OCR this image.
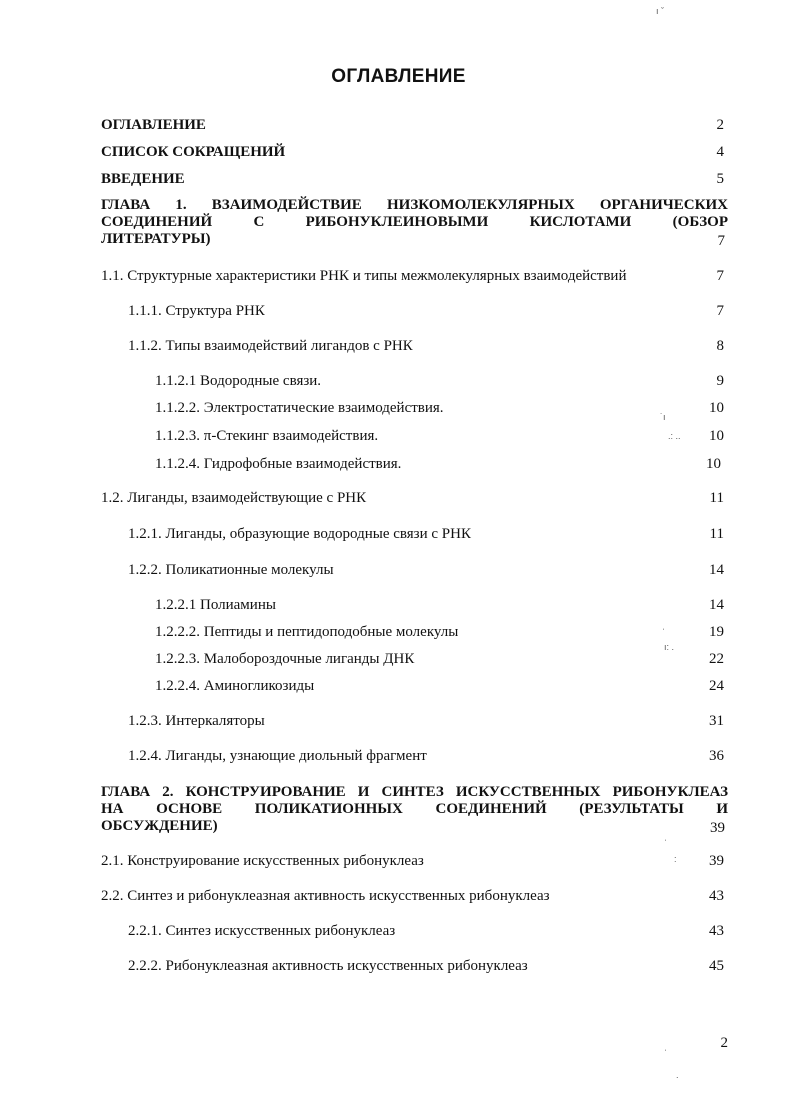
ОГЛАВЛЕНИЕ
ОГЛАВЛЕНИЕ	2
СПИСОК СОКРАЩЕНИЙ	4
ВВЕДЕНИЕ	5
ГЛАВА 1. ВЗАИМОДЕЙСТВИЕ НИЗКОМОЛЕКУЛЯРНЫХ ОРГАНИЧЕСКИХ
СОЕДИНЕНИЙ С РИБОНУКЛЕИНОВЫМИ КИСЛОТАМИ (ОБЗОР
ЛИТЕРАТУРЫ)	7
1.1. Структурные характеристики РНК и типы межмолекулярных взаимодействий	7
1.1.1. Структура РНК	7
1.1.2. Типы взаимодействий лигандов с РНК	8
1.1.2.1 Водородные связи.	9
1.1.2.2. Электростатические взаимодействия.	10
1.1.2.3. π-Стекинг взаимодействия.	10
1.1.2.4. Гидрофобные взаимодействия.	10
1.2. Лиганды, взаимодействующие с РНК	11
1.2.1. Лиганды, образующие водородные связи с РНК	11
1.2.2. Поликатионные молекулы	14
1.2.2.1 Полиамины	14
1.2.2.2. Пептиды и пептидоподобные молекулы	19
1.2.2.3. Малобороздочные лиганды ДНК	22
1.2.2.4. Аминогликозиды	24
1.2.3. Интеркаляторы	31
1.2.4. Лиганды, узнающие диольный фрагмент	36
ГЛАВА 2. КОНСТРУИРОВАНИЕ И СИНТЕЗ ИСКУССТВЕННЫХ РИБОНУКЛЕАЗ
НА ОСНОВЕ ПОЛИКАТИОННЫХ СОЕДИНЕНИЙ (РЕЗУЛЬТАТЫ И
ОБСУЖДЕНИЕ)	39
2.1. Конструирование искусственных рибонуклеаз	39
2.2. Синтез и рибонуклеазная активность искусственных рибонуклеаз	43
2.2.1. Синтез искусственных рибонуклеаз	43
2.2.2. Рибонуклеазная активность искусственных рибонуклеаз	45
2
ı ˇ
˙ı
.: ..
ˈ
ı: .
ˈ
:
ˈ
.
